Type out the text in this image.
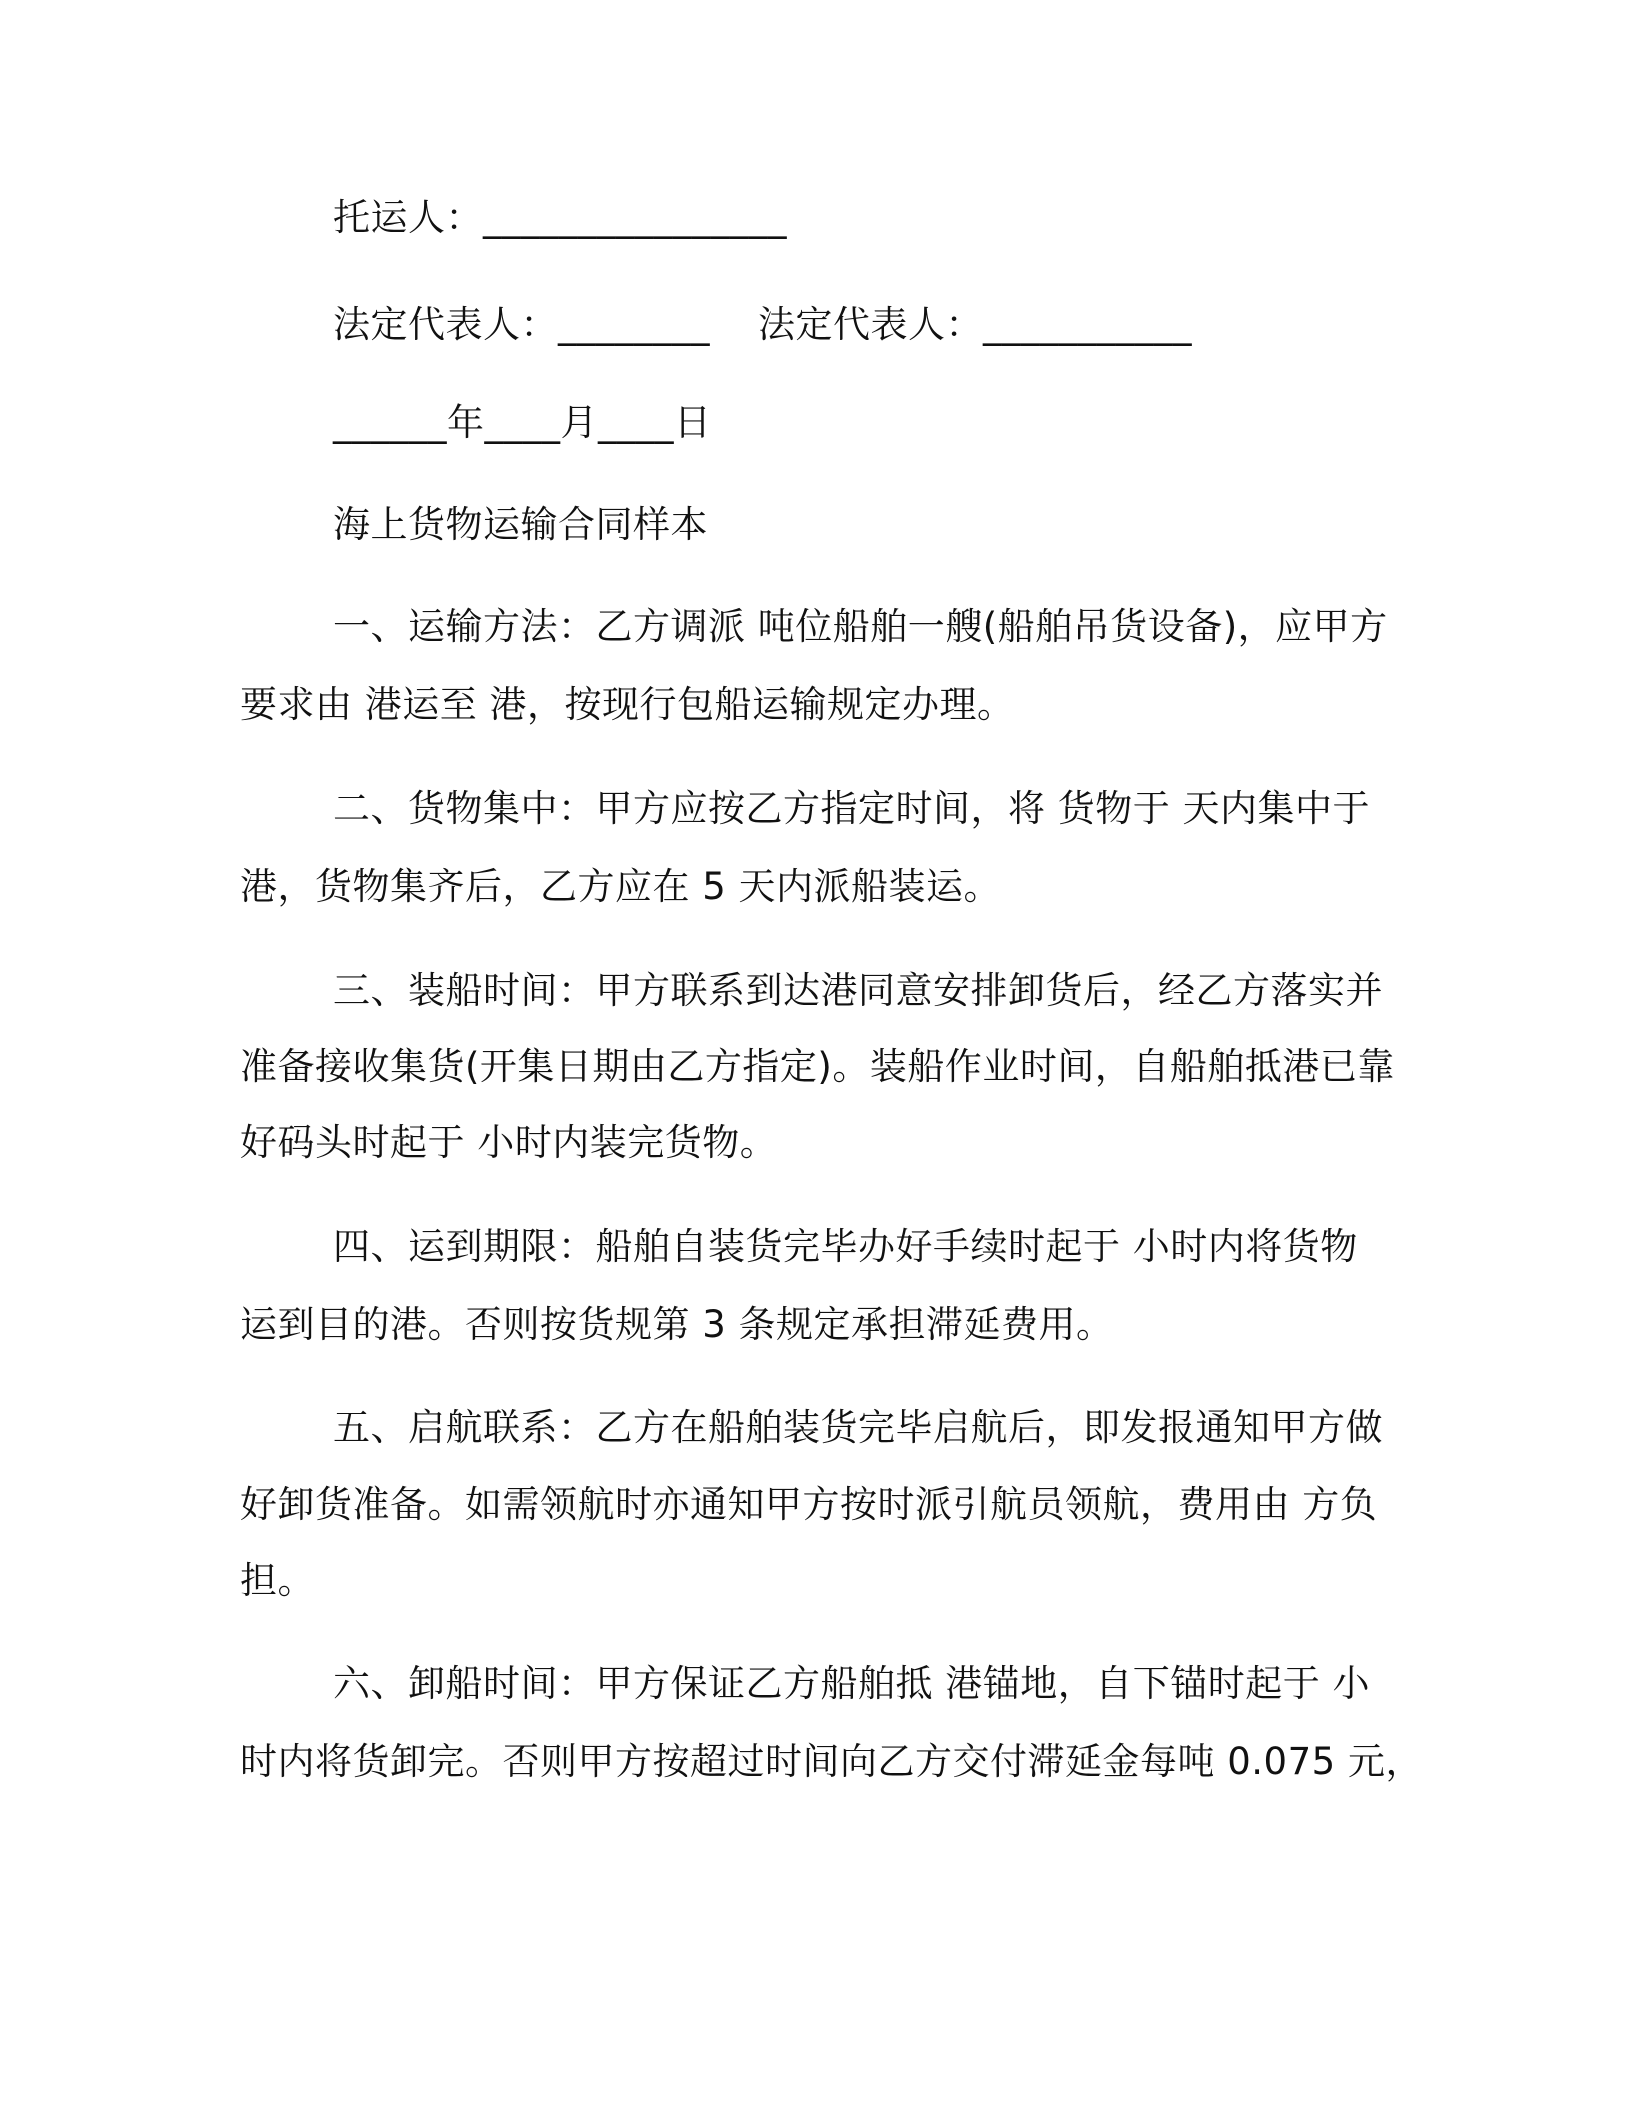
托运人：________________
法定代表人：________ 法定代表人：___________
______年____月____日
海上货物运输合同样本
一、运输方法：乙方调派 吨位船舶一艘(船舶吊货设备)，应甲方
要求由 港运至 港，按现行包船运输规定办理。
二、货物集中：甲方应按乙方指定时间，将 货物于 天内集中于
港，货物集齐后，乙方应在 5 天内派船装运。
三、装船时间：甲方联系到达港同意安排卸货后，经乙方落实并
准备接收集货(开集日期由乙方指定)。装船作业时间，自船舶抵港已靠
好码头时起于 小时内装完货物。
四、运到期限：船舶自装货完毕办好手续时起于 小时内将货物
运到目的港。否则按货规第 3 条规定承担滞延费用。
五、启航联系：乙方在船舶装货完毕启航后，即发报通知甲方做
好卸货准备。如需领航时亦通知甲方按时派引航员领航，费用由 方负
担。
六、卸船时间：甲方保证乙方船舶抵 港锚地，自下锚时起于 小
时内将货卸完。否则甲方按超过时间向乙方交付滞延金每吨 0.075 元，
